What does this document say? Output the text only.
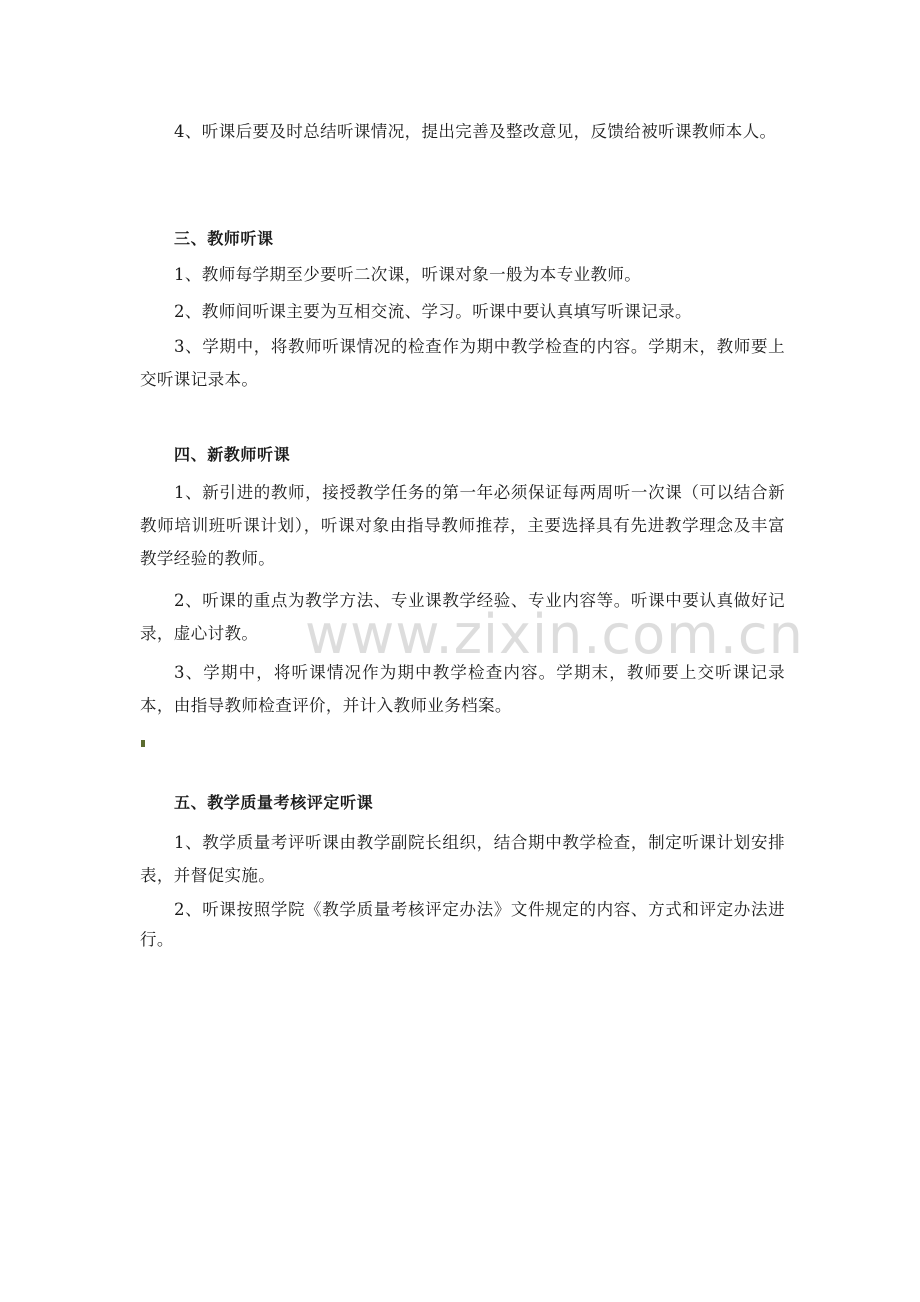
www.zixin.com.cn

4、听课后要及时总结听课情况，提出完善及整改意见，反馈给被听课教师本人。

三、教师听课

1、教师每学期至少要听二次课，听课对象一般为本专业教师。

2、教师间听课主要为互相交流、学习。听课中要认真填写听课记录。

3、学期中，将教师听课情况的检查作为期中教学检查的内容。学期末，教师要上交听课记录本。

四、新教师听课

1、新引进的教师，接授教学任务的第一年必须保证每两周听一次课（可以结合新教师培训班听课计划），听课对象由指导教师推荐，主要选择具有先进教学理念及丰富教学经验的教师。

2、听课的重点为教学方法、专业课教学经验、专业内容等。听课中要认真做好记录，虚心讨教。

3、学期中，将听课情况作为期中教学检查内容。学期末，教师要上交听课记录本，由指导教师检查评价，并计入教师业务档案。

五、教学质量考核评定听课

1、教学质量考评听课由教学副院长组织，结合期中教学检查，制定听课计划安排表，并督促实施。

2、听课按照学院《教学质量考核评定办法》文件规定的内容、方式和评定办法进行。
